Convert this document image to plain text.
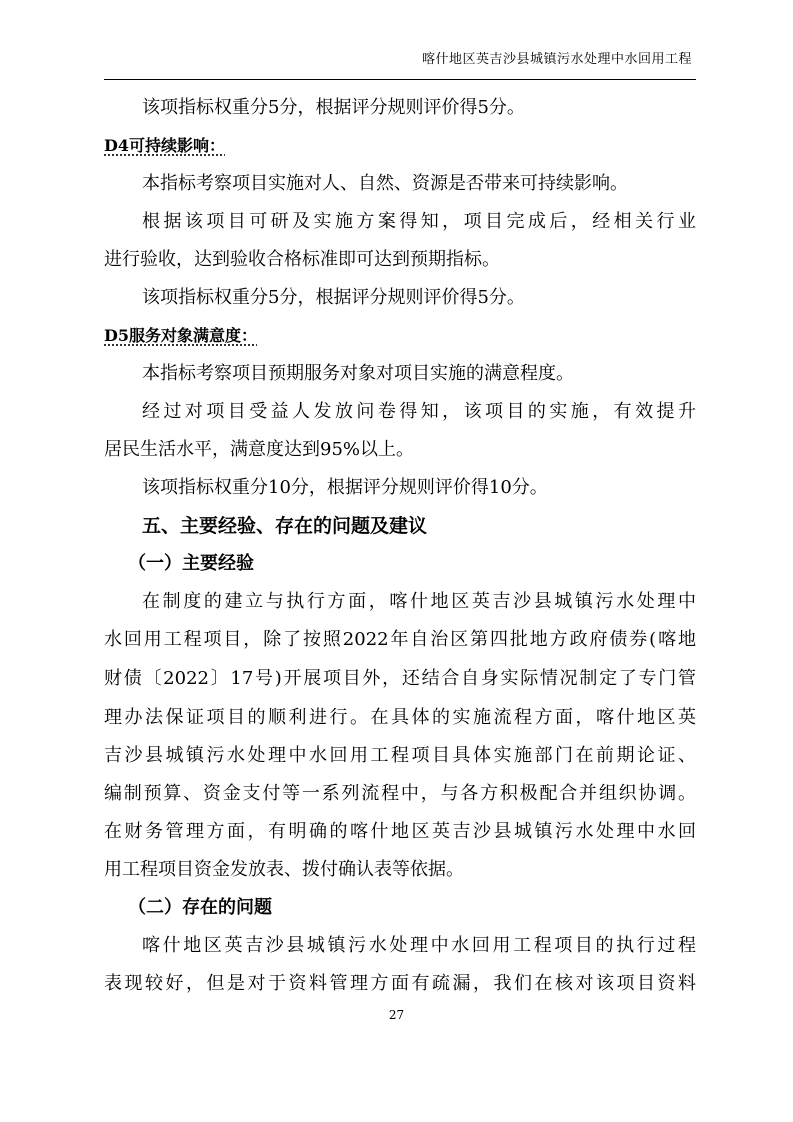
喀什地区英吉沙县城镇污水处理中水回用工程
该项指标权重分5分，根据评分规则评价得5分。
D4可持续影响：
本指标考察项目实施对人、自然、资源是否带来可持续影响。
根据该项目可研及实施方案得知，项目完成后，经相关行业
进行验收，达到验收合格标准即可达到预期指标。
该项指标权重分5分，根据评分规则评价得5分。
D5服务对象满意度：
本指标考察项目预期服务对象对项目实施的满意程度。
经过对项目受益人发放问卷得知，该项目的实施，有效提升
居民生活水平，满意度达到95%以上。
该项指标权重分10分，根据评分规则评价得10分。
五、主要经验、存在的问题及建议
（一）主要经验
在制度的建立与执行方面，喀什地区英吉沙县城镇污水处理中
水回用工程项目，除了按照2022年自治区第四批地方政府债券(喀地
财债〔2022〕17号)开展项目外，还结合自身实际情况制定了专门管
理办法保证项目的顺利进行。在具体的实施流程方面，喀什地区英
吉沙县城镇污水处理中水回用工程项目具体实施部门在前期论证、
编制预算、资金支付等一系列流程中，与各方积极配合并组织协调。
在财务管理方面，有明确的喀什地区英吉沙县城镇污水处理中水回
用工程项目资金发放表、拨付确认表等依据。
（二）存在的问题
喀什地区英吉沙县城镇污水处理中水回用工程项目的执行过程
表现较好，但是对于资料管理方面有疏漏，我们在核对该项目资料
27
